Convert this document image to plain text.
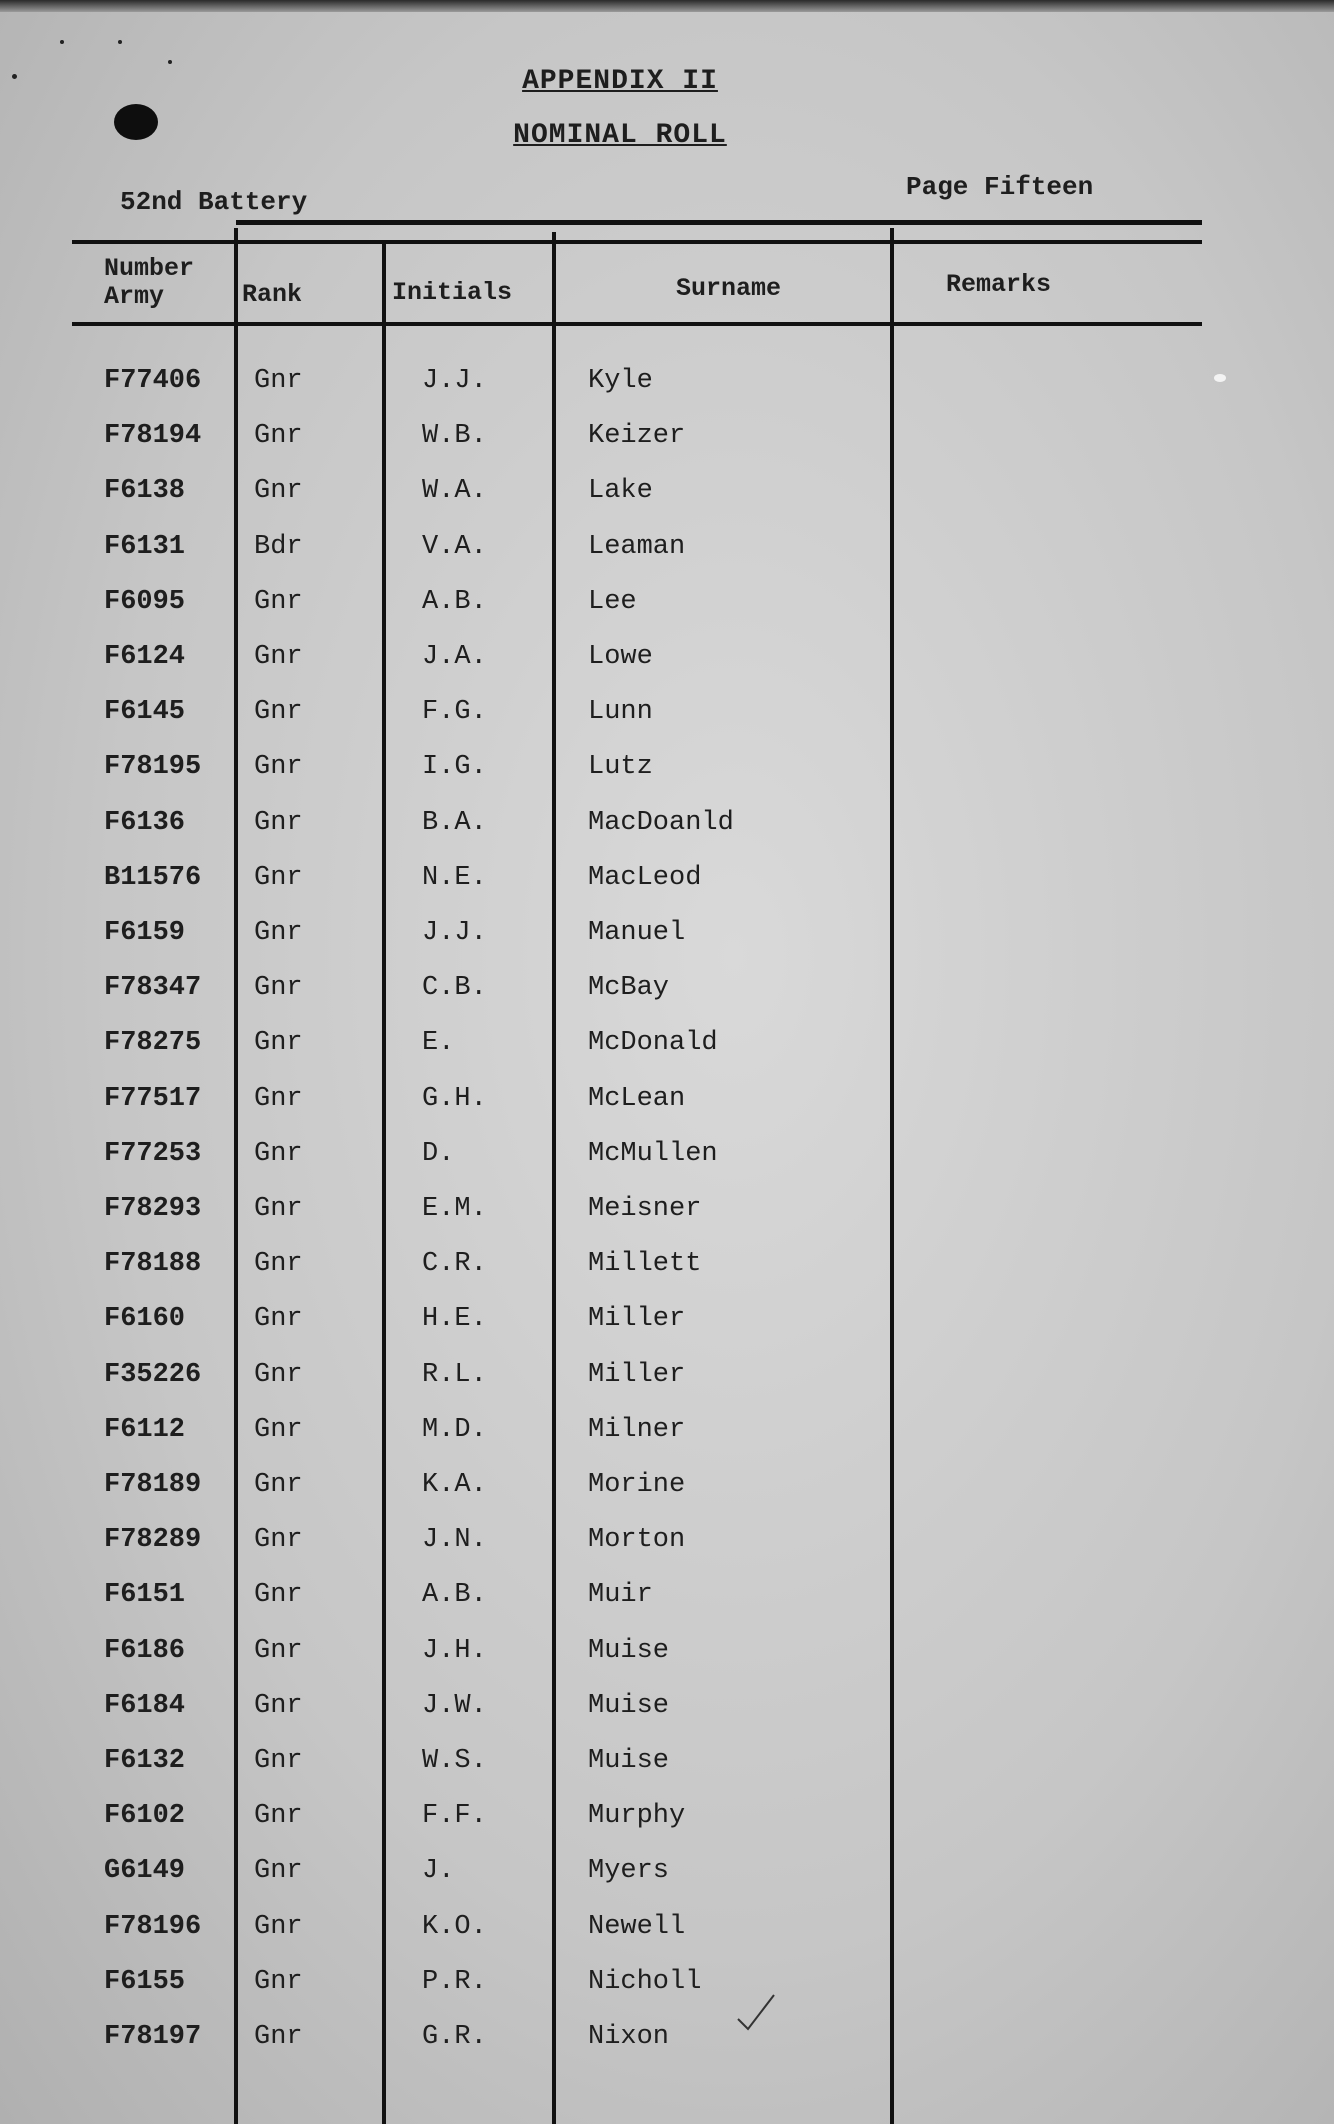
APPENDIX II
NOMINAL ROLL
52nd Battery	Page Fifteen
Number
Army	Rank	Initials	Surname	Remarks
F77406 Gnr	J.J.	Kyle
F78194 Gnr	W.B.	Keizer
F6138	Gnr	W.A.	Lake
F6131	Bdr	V.A.	Leaman
F6095	Gnr	A.B.	Lee
F6124	Gnr	J.A.	Lowe
F6145	Gnr	F.G.	Lunn
F78195 Gnr	I.G.	Lutz
F6136	Gnr	B.A.	MacDoanld
B11576 Gnr	N.E.	MacLeod
F6159	Gnr	J.J.	Manuel
F78347 Gnr	C.B.	McBay
F78275 Gnr	E.	McDonald
F77517 Gnr	G.H.	McLean
F77253 Gnr	D.	McMullen
F78293 Gnr	E.M.	Meisner
F78188 Gnr	C.R.	Millett
F6160	Gnr	H.E.	Miller
F35226 Gnr	R.L.	Miller
F6112	Gnr	M.D.	Milner
F78189 Gnr	K.A.	Morine
F78289 Gnr	J.N.	Morton
F6151	Gnr	A.B.	Muir
F6186	Gnr	J.H.	Muise
F6184	Gnr	J.W.	Muise
F6132	Gnr	W.S.	Muise
F6102	Gnr	F.F.	Murphy
G6149	Gnr	J.	Myers
F78196 Gnr	K.O.	Newell
F6155	Gnr	P.R.	Nicholl
F78197 Gnr	G.R.	Nixon
